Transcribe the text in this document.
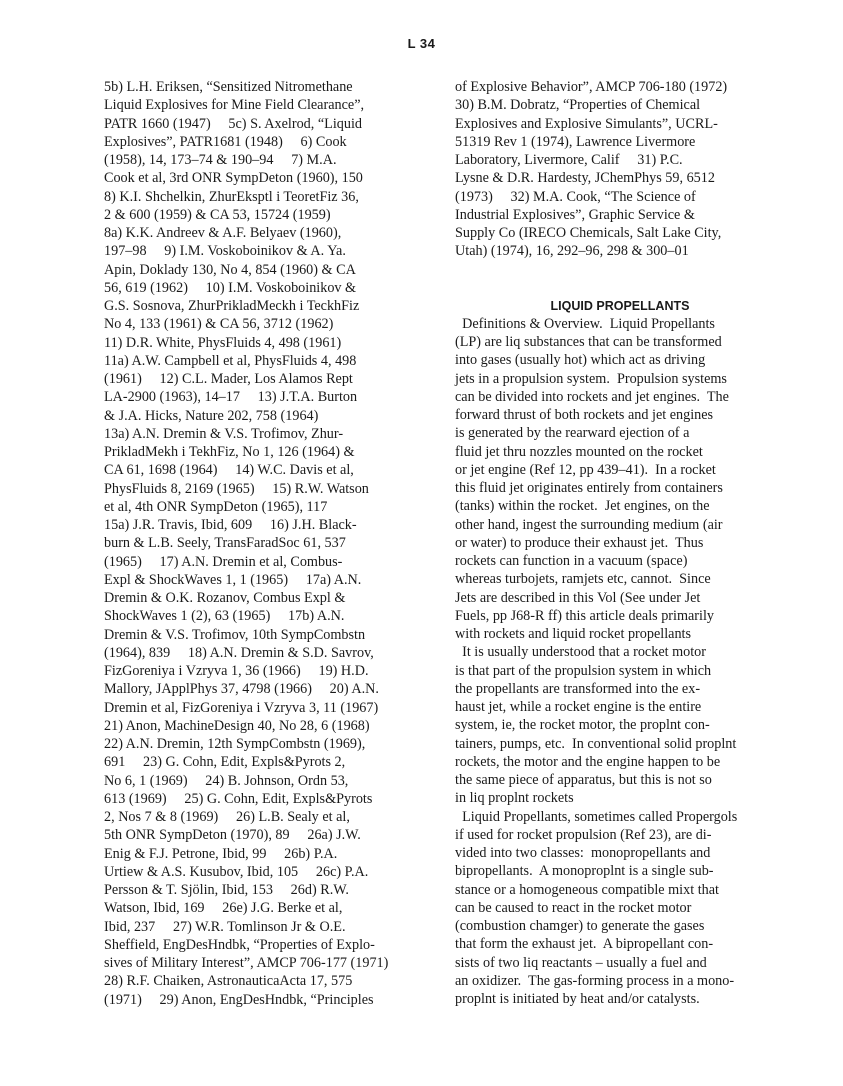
L 34
5b) L.H. Eriksen, “Sensitized Nitromethane
Liquid Explosives for Mine Field Clearance”,
PATR 1660 (1947)     5c) S. Axelrod, “Liquid
Explosives”, PATR1681 (1948)     6) Cook
(1958), 14, 173–74 & 190–94     7) M.A.
Cook et al, 3rd ONR SympDeton (1960), 150
8) K.I. Shchelkin, ZhurEksptl i TeoretFiz 36,
2 & 600 (1959) & CA 53, 15724 (1959)
8a) K.K. Andreev & A.F. Belyaev (1960),
197–98     9) I.M. Voskoboinikov & A. Ya.
Apin, Doklady 130, No 4, 854 (1960) & CA
56, 619 (1962)     10) I.M. Voskoboinikov &
G.S. Sosnova, ZhurPrikladMeckh i TeckhFiz
No 4, 133 (1961) & CA 56, 3712 (1962)
11) D.R. White, PhysFluids 4, 498 (1961)
11a) A.W. Campbell et al, PhysFluids 4, 498
(1961)     12) C.L. Mader, Los Alamos Rept
LA-2900 (1963), 14–17     13) J.T.A. Burton
& J.A. Hicks, Nature 202, 758 (1964)
13a) A.N. Dremin & V.S. Trofimov, Zhur-
PrikladMekh i TekhFiz, No 1, 126 (1964) &
CA 61, 1698 (1964)     14) W.C. Davis et al,
PhysFluids 8, 2169 (1965)     15) R.W. Watson
et al, 4th ONR SympDeton (1965), 117
15a) J.R. Travis, Ibid, 609     16) J.H. Black-
burn & L.B. Seely, TransFaradSoc 61, 537
(1965)     17) A.N. Dremin et al, Combus-
Expl & ShockWaves 1, 1 (1965)     17a) A.N.
Dremin & O.K. Rozanov, Combus Expl &
ShockWaves 1 (2), 63 (1965)     17b) A.N.
Dremin & V.S. Trofimov, 10th SympCombstn
(1964), 839     18) A.N. Dremin & S.D. Savrov,
FizGoreniya i Vzryva 1, 36 (1966)     19) H.D.
Mallory, JApplPhys 37, 4798 (1966)     20) A.N.
Dremin et al, FizGoreniya i Vzryva 3, 11 (1967)
21) Anon, MachineDesign 40, No 28, 6 (1968)
22) A.N. Dremin, 12th SympCombstn (1969),
691     23) G. Cohn, Edit, Expls&Pyrots 2,
No 6, 1 (1969)     24) B. Johnson, Ordn 53,
613 (1969)     25) G. Cohn, Edit, Expls&Pyrots
2, Nos 7 & 8 (1969)     26) L.B. Sealy et al,
5th ONR SympDeton (1970), 89     26a) J.W.
Enig & F.J. Petrone, Ibid, 99     26b) P.A.
Urtiew & A.S. Kusubov, Ibid, 105     26c) P.A.
Persson & T. Sjölin, Ibid, 153     26d) R.W.
Watson, Ibid, 169     26e) J.G. Berke et al,
Ibid, 237     27) W.R. Tomlinson Jr & O.E.
Sheffield, EngDesHndbk, “Properties of Explo-
sives of Military Interest”, AMCP 706-177 (1971)
28) R.F. Chaiken, AstronauticaActa 17, 575
(1971)     29) Anon, EngDesHndbk, “Principles
of Explosive Behavior”, AMCP 706-180 (1972)
30) B.M. Dobratz, “Properties of Chemical
Explosives and Explosive Simulants”, UCRL-
51319 Rev 1 (1974), Lawrence Livermore
Laboratory, Livermore, Calif     31) P.C.
Lysne & D.R. Hardesty, JChemPhys 59, 6512
(1973)     32) M.A. Cook, “The Science of
Industrial Explosives”, Graphic Service &
Supply Co (IRECO Chemicals, Salt Lake City,
Utah) (1974), 16, 292–96, 298 & 300–01
LIQUID PROPELLANTS
Definitions & Overview.  Liquid Propellants
(LP) are liq substances that can be transformed
into gases (usually hot) which act as driving
jets in a propulsion system.  Propulsion systems
can be divided into rockets and jet engines.  The
forward thrust of both rockets and jet engines
is generated by the rearward ejection of a
fluid jet thru nozzles mounted on the rocket
or jet engine (Ref 12, pp 439–41).  In a rocket
this fluid jet originates entirely from containers
(tanks) within the rocket.  Jet engines, on the
other hand, ingest the surrounding medium (air
or water) to produce their exhaust jet.  Thus
rockets can function in a vacuum (space)
whereas turbojets, ramjets etc, cannot.  Since
Jets are described in this Vol (See under Jet
Fuels, pp J68-R ff) this article deals primarily
with rockets and liquid rocket propellants
It is usually understood that a rocket motor
is that part of the propulsion system in which
the propellants are transformed into the ex-
haust jet, while a rocket engine is the entire
system, ie, the rocket motor, the proplnt con-
tainers, pumps, etc.  In conventional solid proplnt
rockets, the motor and the engine happen to be
the same piece of apparatus, but this is not so
in liq proplnt rockets
Liquid Propellants, sometimes called Propergols
if used for rocket propulsion (Ref 23), are di-
vided into two classes:  monopropellants and
bipropellants.  A monoproplnt is a single sub-
stance or a homogeneous compatible mixt that
can be caused to react in the rocket motor
(combustion chamger) to generate the gases
that form the exhaust jet.  A bipropellant con-
sists of two liq reactants – usually a fuel and
an oxidizer.  The gas-forming process in a mono-
proplnt is initiated by heat and/or catalysts.
